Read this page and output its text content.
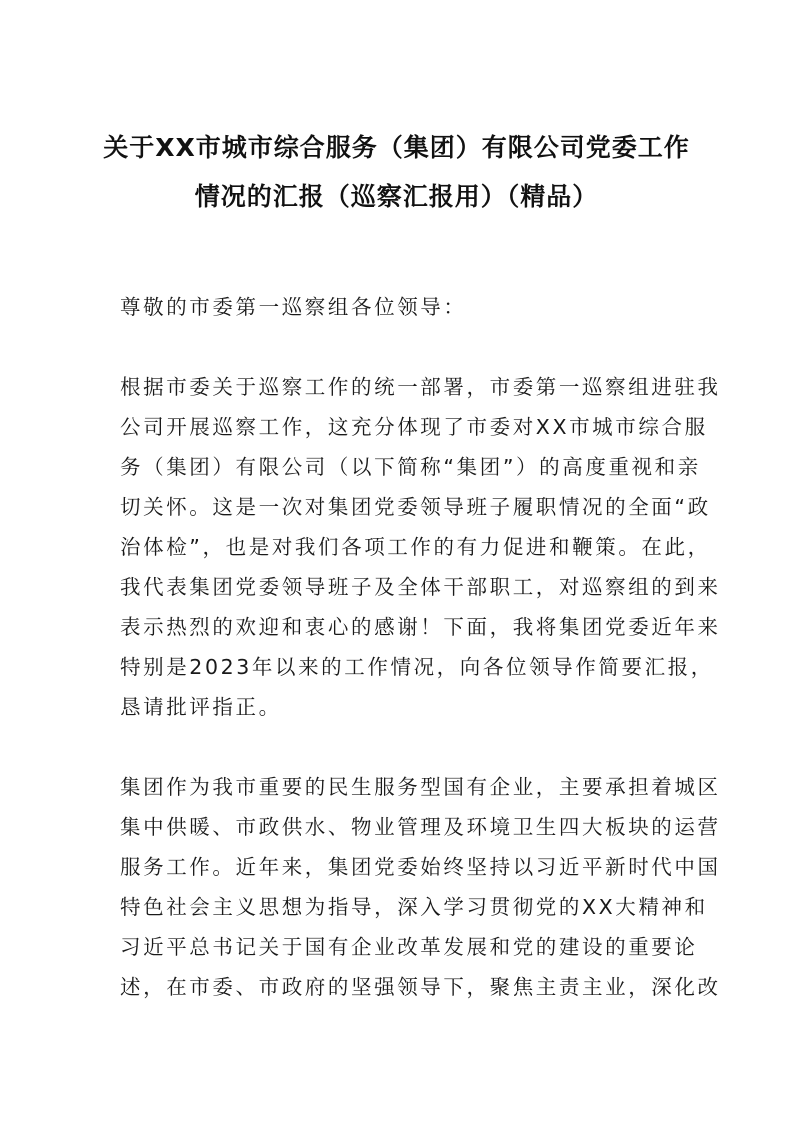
关于XX市城市综合服务（集团）有限公司党委工作
情况的汇报（巡察汇报用）（精品）
尊敬的市委第一巡察组各位领导：
根据市委关于巡察工作的统一部署，市委第一巡察组进驻我
公司开展巡察工作，这充分体现了市委对XX市城市综合服
务（集团）有限公司（以下简称“集团”）的高度重视和亲
切关怀。这是一次对集团党委领导班子履职情况的全面“政
治体检”，也是对我们各项工作的有力促进和鞭策。在此，
我代表集团党委领导班子及全体干部职工，对巡察组的到来
表示热烈的欢迎和衷心的感谢！下面，我将集团党委近年来
特别是2023年以来的工作情况，向各位领导作简要汇报，
恳请批评指正。
集团作为我市重要的民生服务型国有企业，主要承担着城区
集中供暖、市政供水、物业管理及环境卫生四大板块的运营
服务工作。近年来，集团党委始终坚持以习近平新时代中国
特色社会主义思想为指导，深入学习贯彻党的XX大精神和
习近平总书记关于国有企业改革发展和党的建设的重要论
述，在市委、市政府的坚强领导下，聚焦主责主业，深化改
